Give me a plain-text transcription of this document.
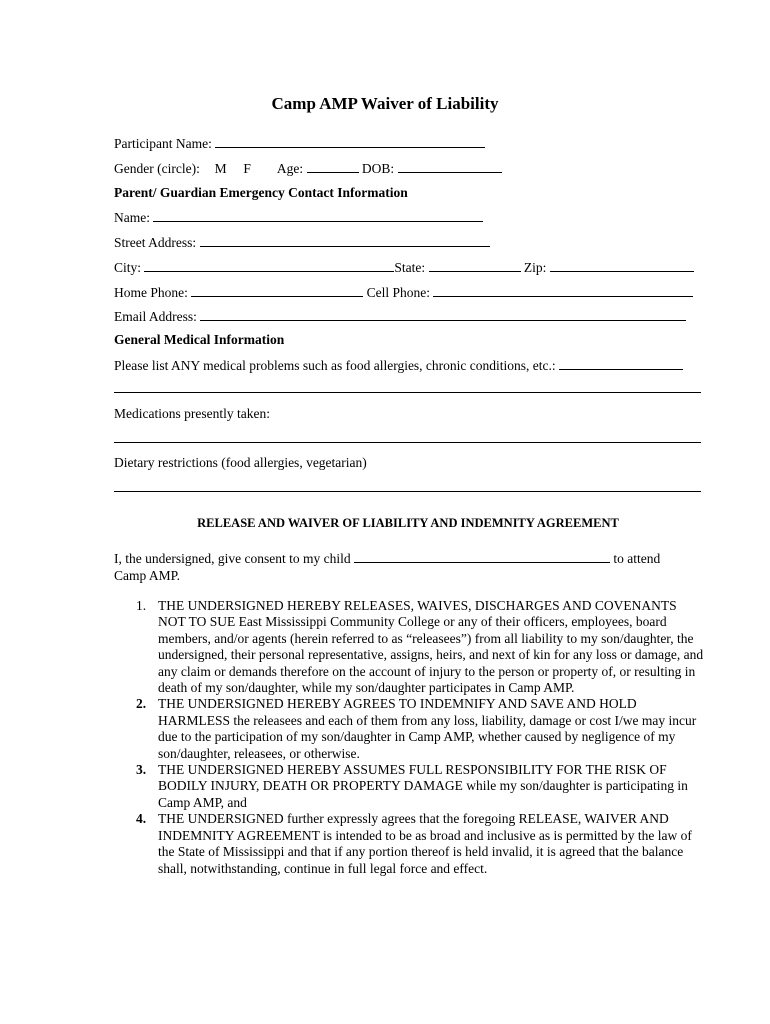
Camp AMP Waiver of Liability
Participant Name:
Gender (circle): M F Age:	DOB:
Parent/ Guardian Emergency Contact Information
Name:
Street Address:
City:	State:	Zip:
Home Phone:	Cell Phone:
Email Address:
General Medical Information
Please list ANY medical problems such as food allergies, chronic conditions, etc.:
Medications presently taken:
Dietary restrictions (food allergies, vegetarian)
RELEASE AND WAIVER OF LIABILITY AND INDEMNITY AGREEMENT
I, the undersigned, give consent to my child	to attend
Camp AMP.
1. THE UNDERSIGNED HEREBY RELEASES, WAIVES, DISCHARGES AND COVENANTS NOT TO SUE East Mississippi Community College or any of their officers, employees, board members, and/or agents (herein referred to as “releasees”) from all liability to my son/daughter, the undersigned, their personal representative, assigns, heirs, and next of kin for any loss or damage, and any claim or demands therefore on the account of injury to the person or property of, or resulting in death of my son/daughter, while my son/daughter participates in Camp AMP.
2. THE UNDERSIGNED HEREBY AGREES TO INDEMNIFY AND SAVE AND HOLD HARMLESS the releasees and each of them from any loss, liability, damage or cost I/we may incur due to the participation of my son/daughter in Camp AMP, whether caused by negligence of my son/daughter, releasees, or otherwise.
3. THE UNDERSIGNED HEREBY ASSUMES FULL RESPONSIBILITY FOR THE RISK OF BODILY INJURY, DEATH OR PROPERTY DAMAGE while my son/daughter is participating in Camp AMP, and
4. THE UNDERSIGNED further expressly agrees that the foregoing RELEASE, WAIVER AND INDEMNITY AGREEMENT is intended to be as broad and inclusive as is permitted by the law of the State of Mississippi and that if any portion thereof is held invalid, it is agreed that the balance shall, notwithstanding, continue in full legal force and effect.
